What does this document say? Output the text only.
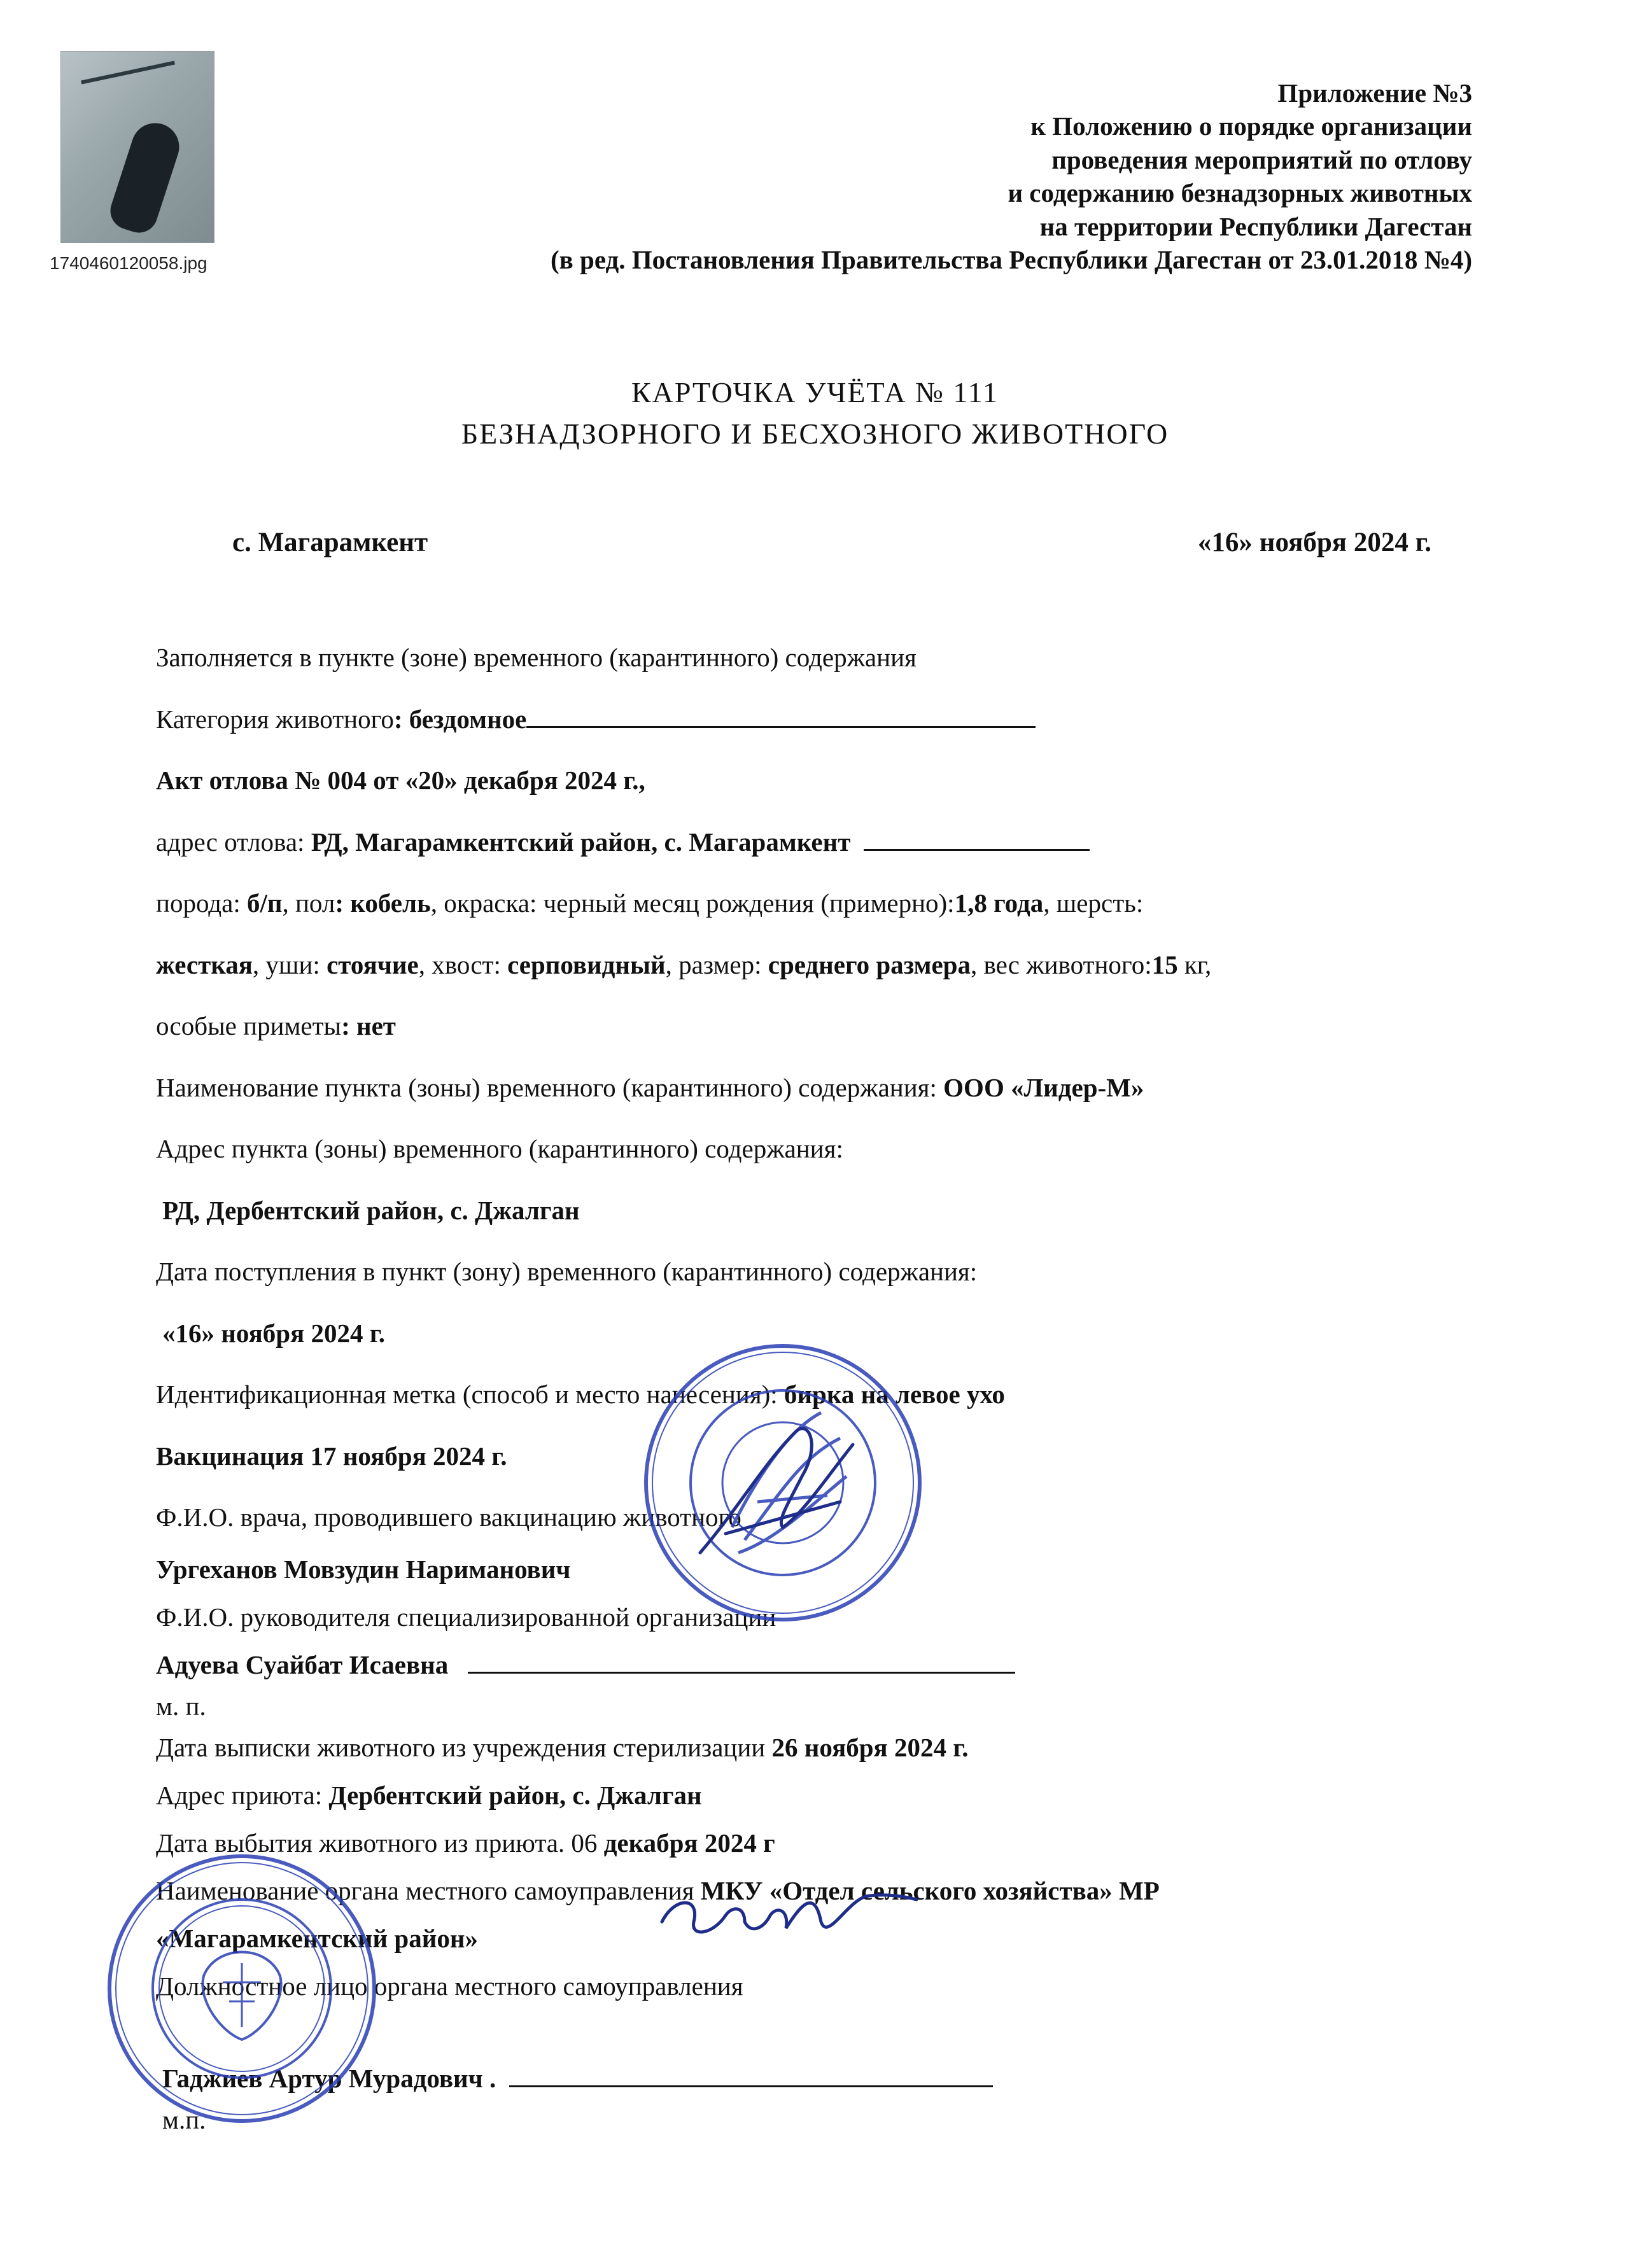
1740460120058.jpg
Приложение №3
к Положению о порядке организации
проведения мероприятий по отлову
и содержанию безнадзорных животных
на территории Республики Дагестан
(в ред. Постановления Правительства Республики Дагестан от 23.01.2018 №4)
КАРТОЧКА УЧЁТА № 111
БЕЗНАДЗОРНОГО И БЕСХОЗНОГО ЖИВОТНОГО
с. Магарамкент	«16» ноября 2024 г.
Заполняется в пункте (зоне) временного (карантинного) содержания
Категория животного: бездомное
Акт отлова № 004 от «20» декабря 2024 г.,
адрес отлова: РД, Магарамкентский район, с. Магарамкент
порода: б/п, пол: кобель, окраска: черный месяц рождения (примерно):1,8 года, шерсть:
жесткая, уши: стоячие, хвост: серповидный, размер: среднего размера, вес животного:15 кг,
особые приметы: нет
Наименование пункта (зоны) временного (карантинного) содержания: ООО «Лидер-М»
Адрес пункта (зоны) временного (карантинного) содержания:
РД, Дербентский район, с. Джалган
Дата поступления в пункт (зону) временного (карантинного) содержания:
«16» ноября 2024 г.
Идентификационная метка (способ и место нанесения): бирка на левое ухо
Вакцинация 17 ноября 2024 г.
Ф.И.О. врача, проводившего вакцинацию животного
Ургеханов Мовзудин Нариманович
Ф.И.О. руководителя специализированной организации
Адуева Суайбат Исаевна
м. п.
Дата выписки животного из учреждения стерилизации 26 ноября 2024 г.
Адрес приюта: Дербентский район, с. Джалган
Дата выбытия животного из приюта. 06 декабря 2024 г
Наименование органа местного самоуправления МКУ «Отдел сельского хозяйства» МР
«Магарамкентский район»
Должностное лицо органа местного самоуправления
Гаджиев Артур Мурадович .
м.п.
